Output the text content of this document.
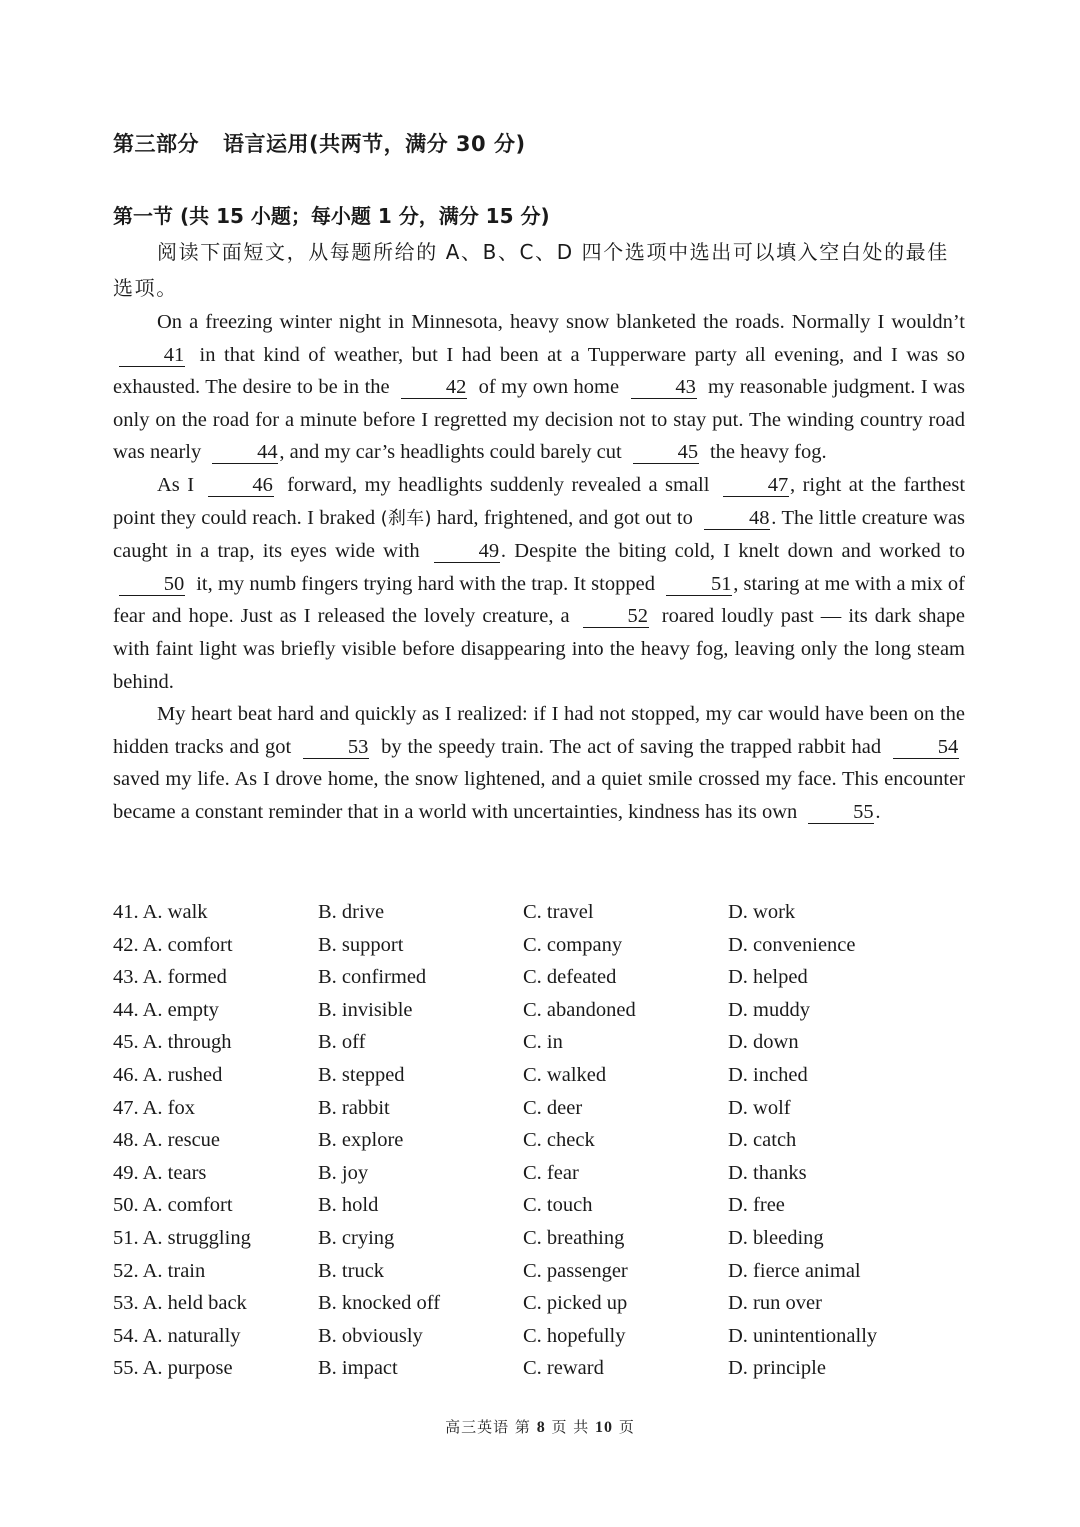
第三部分 语言运用(共两节，满分 30 分)
第一节 (共 15 小题；每小题 1 分，满分 15 分)
阅读下面短文，从每题所给的 A、B、C、D 四个选项中选出可以填入空白处的最佳选项。

On a freezing winter night in Minnesota, heavy snow blanketed the roads. Normally I wouldn’t 41 in that kind of weather, but I had been at a Tupperware party all evening, and I was so exhausted. The desire to be in the	42 of my own home	43 my reasonable judgment. I was only on the road for a minute before I regretted my decision not to stay put. The winding country road was nearly	44, and my car’s headlights could barely cut	45 the heavy fog.

As I	46 forward, my headlights suddenly revealed a small	47, right at the farthest point they could reach. I braked (刹车) hard, frightened, and got out to	48. The little creature was caught in a trap, its eyes wide with	49. Despite the biting cold, I knelt down and worked to 50 it, my numb fingers trying hard with the trap. It stopped	51, staring at me with a mix of fear and hope. Just as I released the lovely creature, a	52 roared loudly past — its dark shape with faint light was briefly visible before disappearing into the heavy fog, leaving only the long steam behind.

My heart beat hard and quickly as I realized: if I had not stopped, my car would have been on the hidden tracks and got	53 by the speedy train. The act of saving the trapped rabbit had	54 saved my life. As I drove home, the snow lightened, and a quiet smile crossed my face. This encounter became a constant reminder that in a world with uncertainties, kindness has its own	55.

41. A. walk	B. drive	C. travel	D. work
42. A. comfort	B. support	C. company	D. convenience
43. A. formed	B. confirmed	C. defeated	D. helped
44. A. empty	B. invisible	C. abandoned	D. muddy
45. A. through	B. off	C. in	D. down
46. A. rushed	B. stepped	C. walked	D. inched
47. A. fox	B. rabbit	C. deer	D. wolf
48. A. rescue	B. explore	C. check	D. catch
49. A. tears	B. joy	C. fear	D. thanks
50. A. comfort	B. hold	C. touch	D. free
51. A. struggling	B. crying	C. breathing	D. bleeding
52. A. train	B. truck	C. passenger	D. fierce animal
53. A. held back	B. knocked off	C. picked up	D. run over
54. A. naturally	B. obviously	C. hopefully	D. unintentionally
55. A. purpose	B. impact	C. reward	D. principle
高三英语 第 8 页 共 10 页
